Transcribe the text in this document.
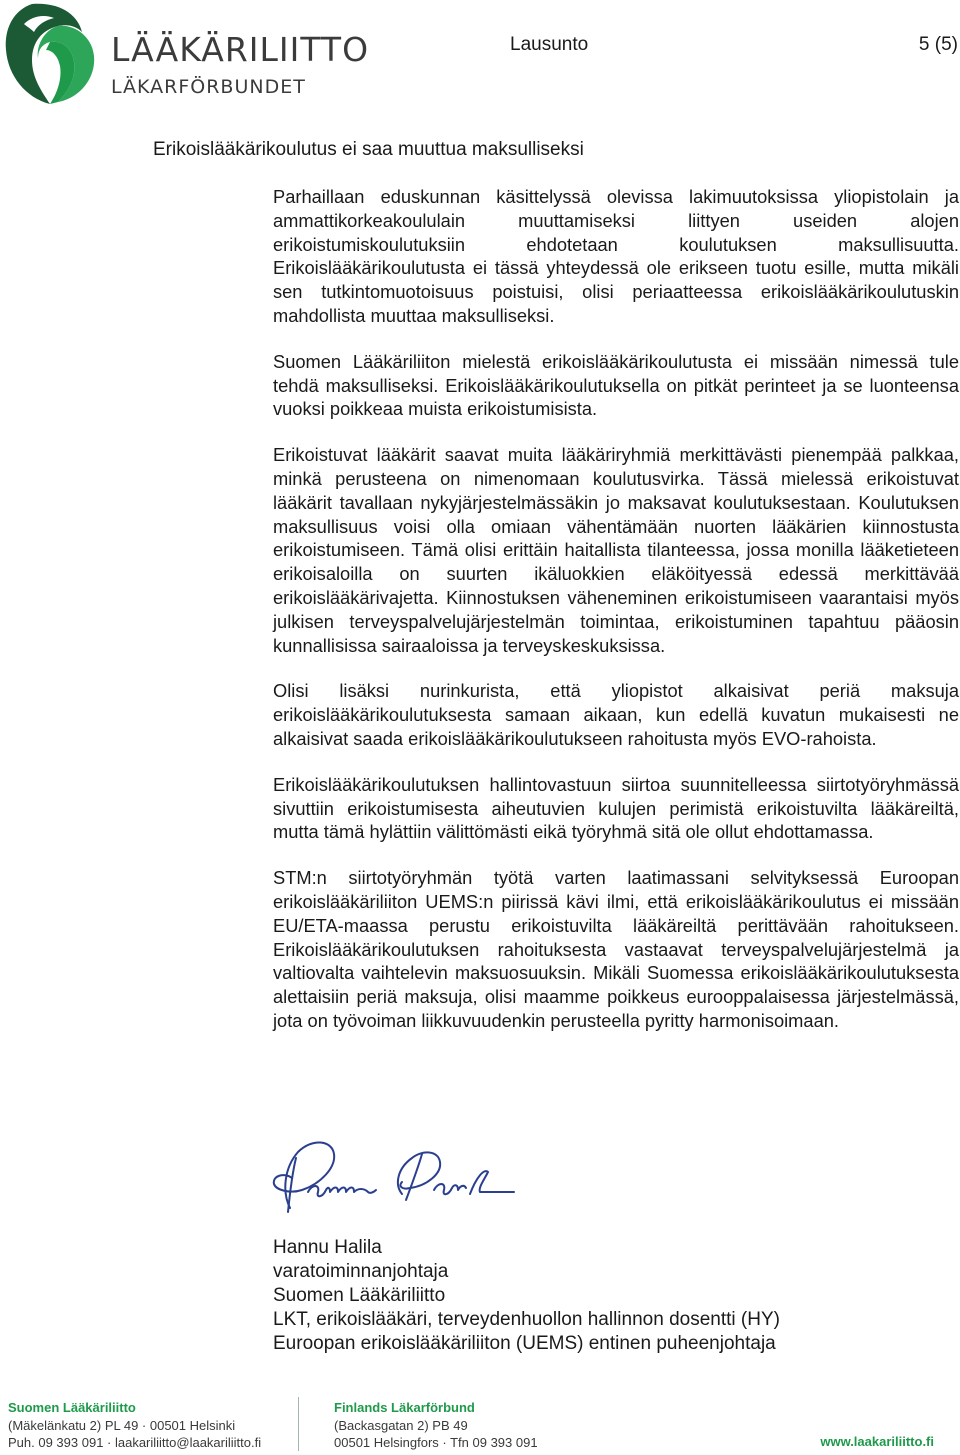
LÄÄKÄRILIITTO
LÄKARFÖRBUNDET
Lausunto	5 (5)
Erikoislääkärikoulutus ei saa muuttua maksulliseksi

Parhaillaan eduskunnan käsittelyssä olevissa lakimuutoksissa yliopistolain ja ammattikorkeakoululain muuttamiseksi liittyen useiden alojen erikoistumiskoulutuksiin ehdotetaan koulutuksen maksullisuutta. Erikoislääkärikoulutusta ei tässä yhteydessä ole erikseen tuotu esille, mutta mikäli sen tutkintomuotoisuus poistuisi, olisi periaatteessa erikoislääkärikoulutuskin mahdollista muuttaa maksulliseksi.

Suomen Lääkäriliiton mielestä erikoislääkärikoulutusta ei missään nimessä tule tehdä maksulliseksi. Erikoislääkärikoulutuksella on pitkät perinteet ja se luonteensa vuoksi poikkeaa muista erikoistumisista.

Erikoistuvat lääkärit saavat muita lääkäriryhmiä merkittävästi pienempää palkkaa, minkä perusteena on nimenomaan koulutusvirka. Tässä mielessä erikoistuvat lääkärit tavallaan nykyjärjestelmässäkin jo maksavat koulutuksestaan. Koulutuksen maksullisuus voisi olla omiaan vähentämään nuorten lääkärien kiinnostusta erikoistumiseen. Tämä olisi erittäin haitallista tilanteessa, jossa monilla lääketieteen erikoisaloilla on suurten ikäluokkien eläköityessä edessä merkittävää erikoislääkärivajetta. Kiinnostuksen väheneminen erikoistumiseen vaarantaisi myös julkisen terveyspalvelujärjestelmän toimintaa, erikoistuminen tapahtuu pääosin kunnallisissa sairaaloissa ja terveyskeskuksissa.

Olisi lisäksi nurinkurista, että yliopistot alkaisivat periä maksuja erikoislääkärikoulutuksesta samaan aikaan, kun edellä kuvatun mukaisesti ne alkaisivat saada erikoislääkärikoulutukseen rahoitusta myös EVO-rahoista.

Erikoislääkärikoulutuksen hallintovastuun siirtoa suunnitelleessa siirtotyöryhmässä sivuttiin erikoistumisesta aiheutuvien kulujen perimistä erikoistuvilta lääkäreiltä, mutta tämä hylättiin välittömästi eikä työryhmä sitä ole ollut ehdottamassa.

STM:n siirtotyöryhmän työtä varten laatimassani selvityksessä Euroopan erikoislääkäriliiton UEMS:n piirissä kävi ilmi, että erikoislääkärikoulutus ei missään EU/ETA-maassa perustu erikoistuvilta lääkäreiltä perittävään rahoitukseen. Erikoislääkärikoulutuksen rahoituksesta vastaavat terveyspalvelujärjestelmä ja valtiovalta vaihtelevin maksuosuuksin. Mikäli Suomessa erikoislääkärikoulutuksesta alettaisiin periä maksuja, olisi maamme poikkeus eurooppalaisessa järjestelmässä, jota on työvoiman liikkuvuudenkin perusteella pyritty harmonisoimaan.

Hannu Halila
varatoiminnanjohtaja
Suomen Lääkäriliitto
LKT, erikoislääkäri, terveydenhuollon hallinnon dosentti (HY)
Euroopan erikoislääkäriliiton (UEMS) entinen puheenjohtaja
Suomen Lääkäriliitto
(Mäkelänkatu 2) PL 49 · 00501 Helsinki
Puh. 09 393 091 · laakariliitto@laakariliitto.fi
Finlands Läkarförbund
(Backasgatan 2) PB 49
00501 Helsingfors · Tfn 09 393 091	www.laakariliitto.fi
